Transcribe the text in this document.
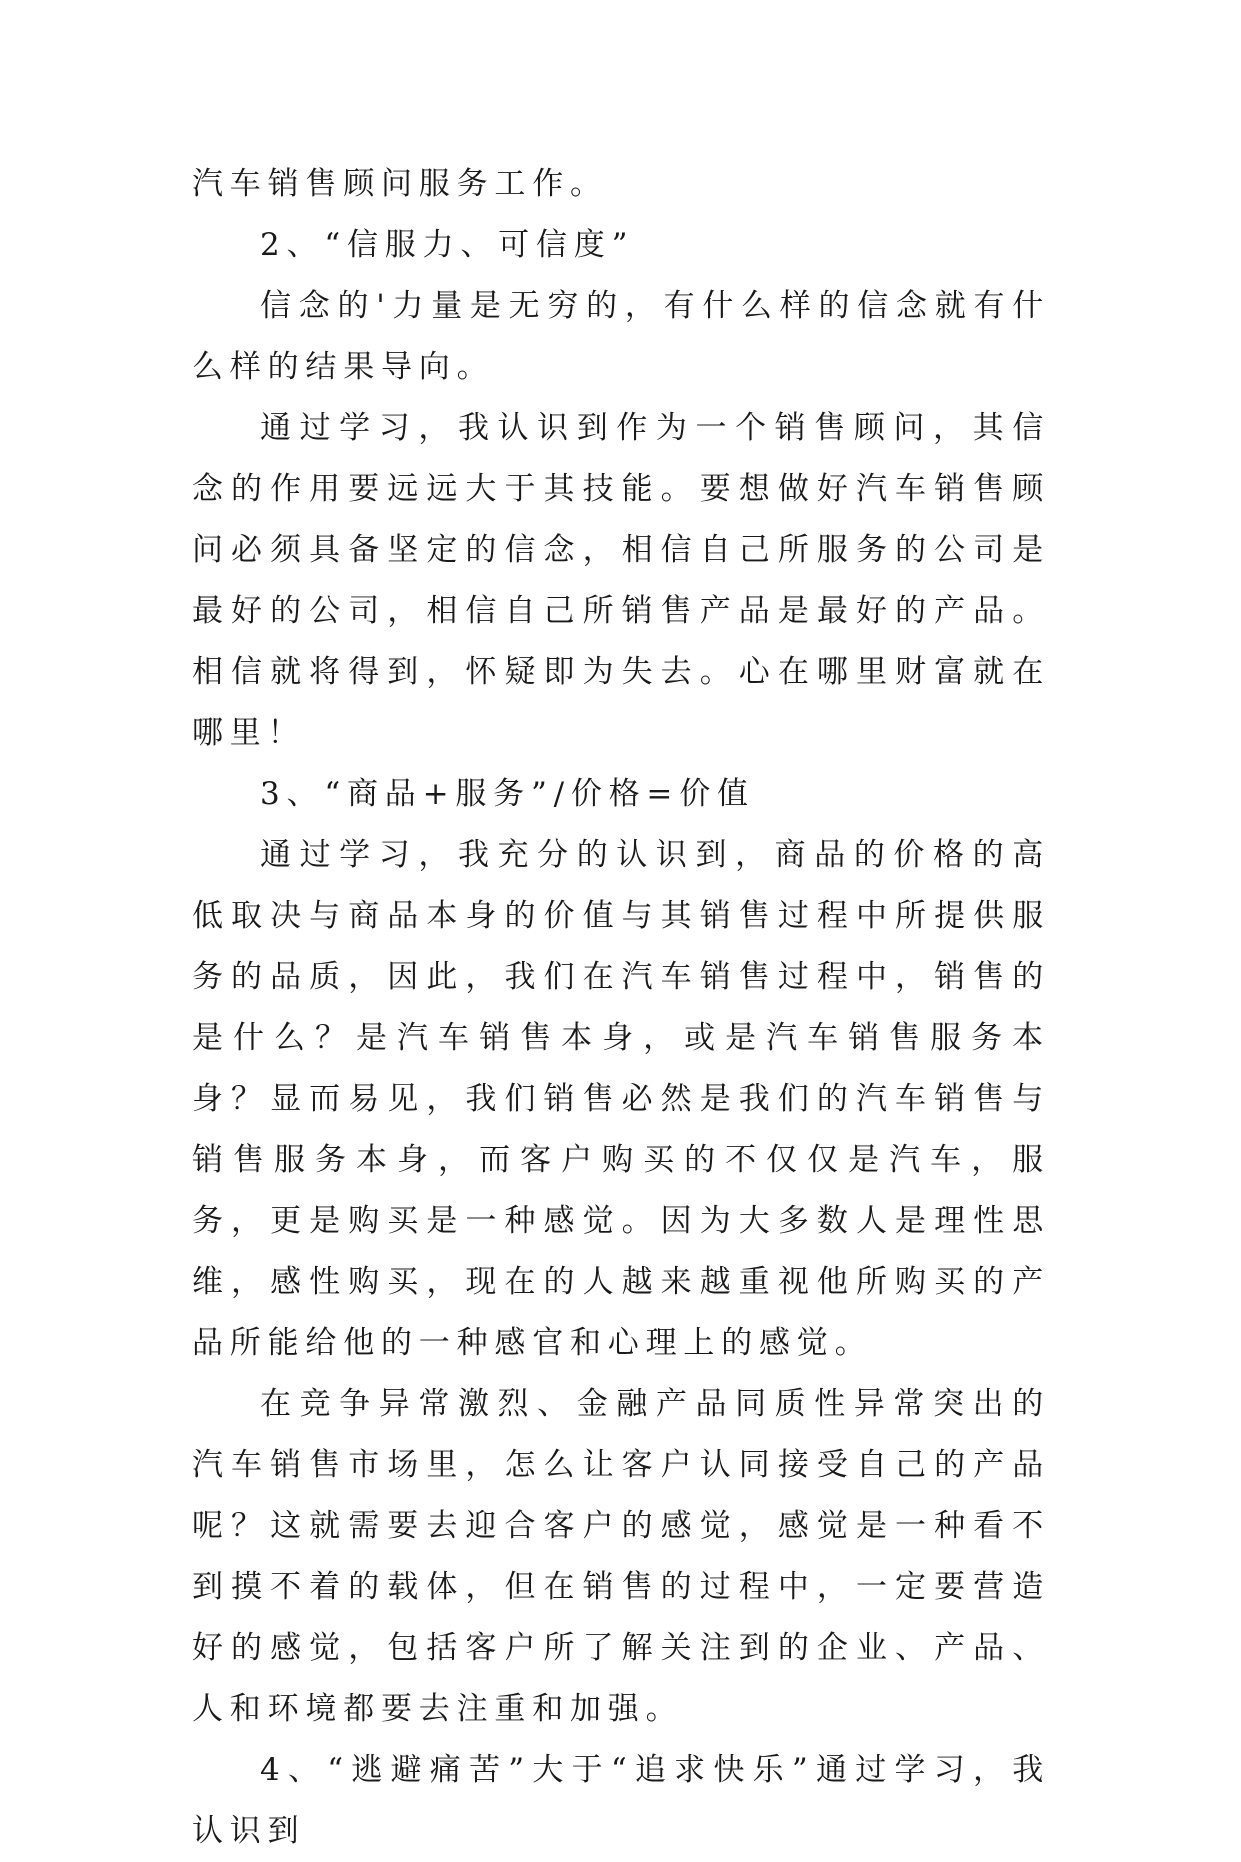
汽车销售顾问服务工作。

2、“信服力、可信度”

信念的'力量是无穷的，有什么样的信念就有什么样的结果导向。

通过学习，我认识到作为一个销售顾问，其信念的作用要远远大于其技能。要想做好汽车销售顾问必须具备坚定的信念，相信自己所服务的公司是最好的公司，相信自己所销售产品是最好的产品。相信就将得到，怀疑即为失去。心在哪里财富就在哪里！

3、“商品+服务”/价格=价值

通过学习，我充分的认识到，商品的价格的高低取决与商品本身的价值与其销售过程中所提供服务的品质，因此，我们在汽车销售过程中，销售的是什么？是汽车销售本身，或是汽车销售服务本身？显而易见，我们销售必然是我们的汽车销售与销售服务本身，而客户购买的不仅仅是汽车，服务，更是购买是一种感觉。因为大多数人是理性思维，感性购买，现在的人越来越重视他所购买的产品所能给他的一种感官和心理上的感觉。

在竞争异常激烈、金融产品同质性异常突出的汽车销售市场里，怎么让客户认同接受自己的产品呢？这就需要去迎合客户的感觉，感觉是一种看不到摸不着的载体，但在销售的过程中，一定要营造好的感觉，包括客户所了解关注到的企业、产品、人和环境都要去注重和加强。

4、“逃避痛苦”大于“追求快乐”通过学习，我认识到
